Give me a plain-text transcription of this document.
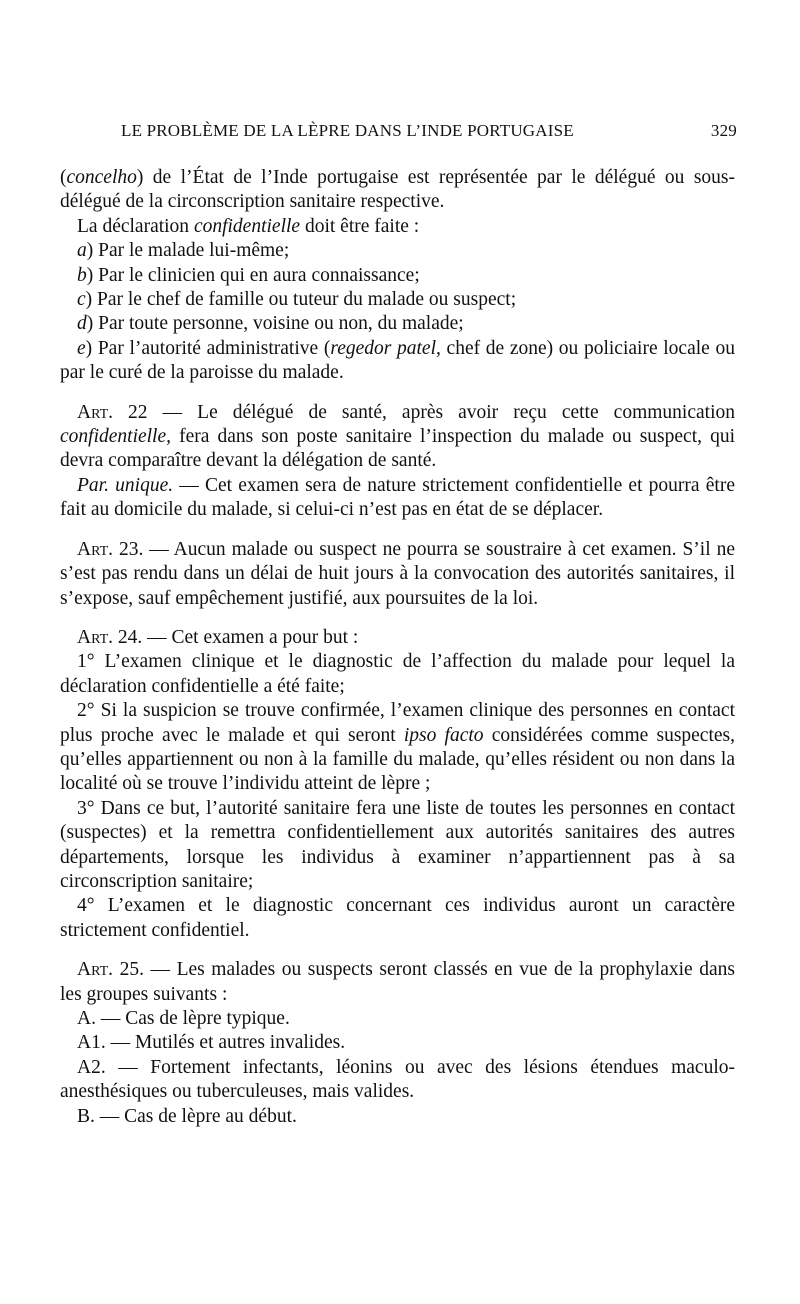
LE PROBLÈME DE LA LÈPRE DANS L’INDE PORTUGAISE	329

(concelho) de l’État de l’Inde portugaise est représentée par le délégué ou sous-délégué de la circonscription sanitaire respective.

La déclaration confidentielle doit être faite :

a) Par le malade lui-même;

b) Par le clinicien qui en aura connaissance;

c) Par le chef de famille ou tuteur du malade ou suspect;

d) Par toute personne, voisine ou non, du malade;

e) Par l’autorité administrative (regedor patel, chef de zone) ou policiaire locale ou par le curé de la paroisse du malade.

Art. 22 — Le délégué de santé, après avoir reçu cette communication confidentielle, fera dans son poste sanitaire l’inspection du malade ou suspect, qui devra comparaître devant la délégation de santé.

Par. unique. — Cet examen sera de nature strictement confidentielle et pourra être fait au domicile du malade, si celui-ci n’est pas en état de se déplacer.

Art. 23. — Aucun malade ou suspect ne pourra se soustraire à cet examen. S’il ne s’est pas rendu dans un délai de huit jours à la convocation des autorités sanitaires, il s’expose, sauf empêchement justifié, aux poursuites de la loi.

Art. 24. — Cet examen a pour but :

1° L’examen clinique et le diagnostic de l’affection du malade pour lequel la déclaration confidentielle a été faite;

2° Si la suspicion se trouve confirmée, l’examen clinique des personnes en contact plus proche avec le malade et qui seront ipso facto considérées comme suspectes, qu’elles appartiennent ou non à la famille du malade, qu’elles résident ou non dans la localité où se trouve l’individu atteint de lèpre ;

3° Dans ce but, l’autorité sanitaire fera une liste de toutes les personnes en contact (suspectes) et la remettra confidentiellement aux autorités sanitaires des autres départements, lorsque les individus à examiner n’appartiennent pas à sa circonscription sanitaire;

4° L’examen et le diagnostic concernant ces individus auront un caractère strictement confidentiel.

Art. 25. — Les malades ou suspects seront classés en vue de la prophylaxie dans les groupes suivants :

A. — Cas de lèpre typique.

A1. — Mutilés et autres invalides.

A2. — Fortement infectants, léonins ou avec des lésions étendues maculo-anesthésiques ou tuberculeuses, mais valides.

B. — Cas de lèpre au début.
